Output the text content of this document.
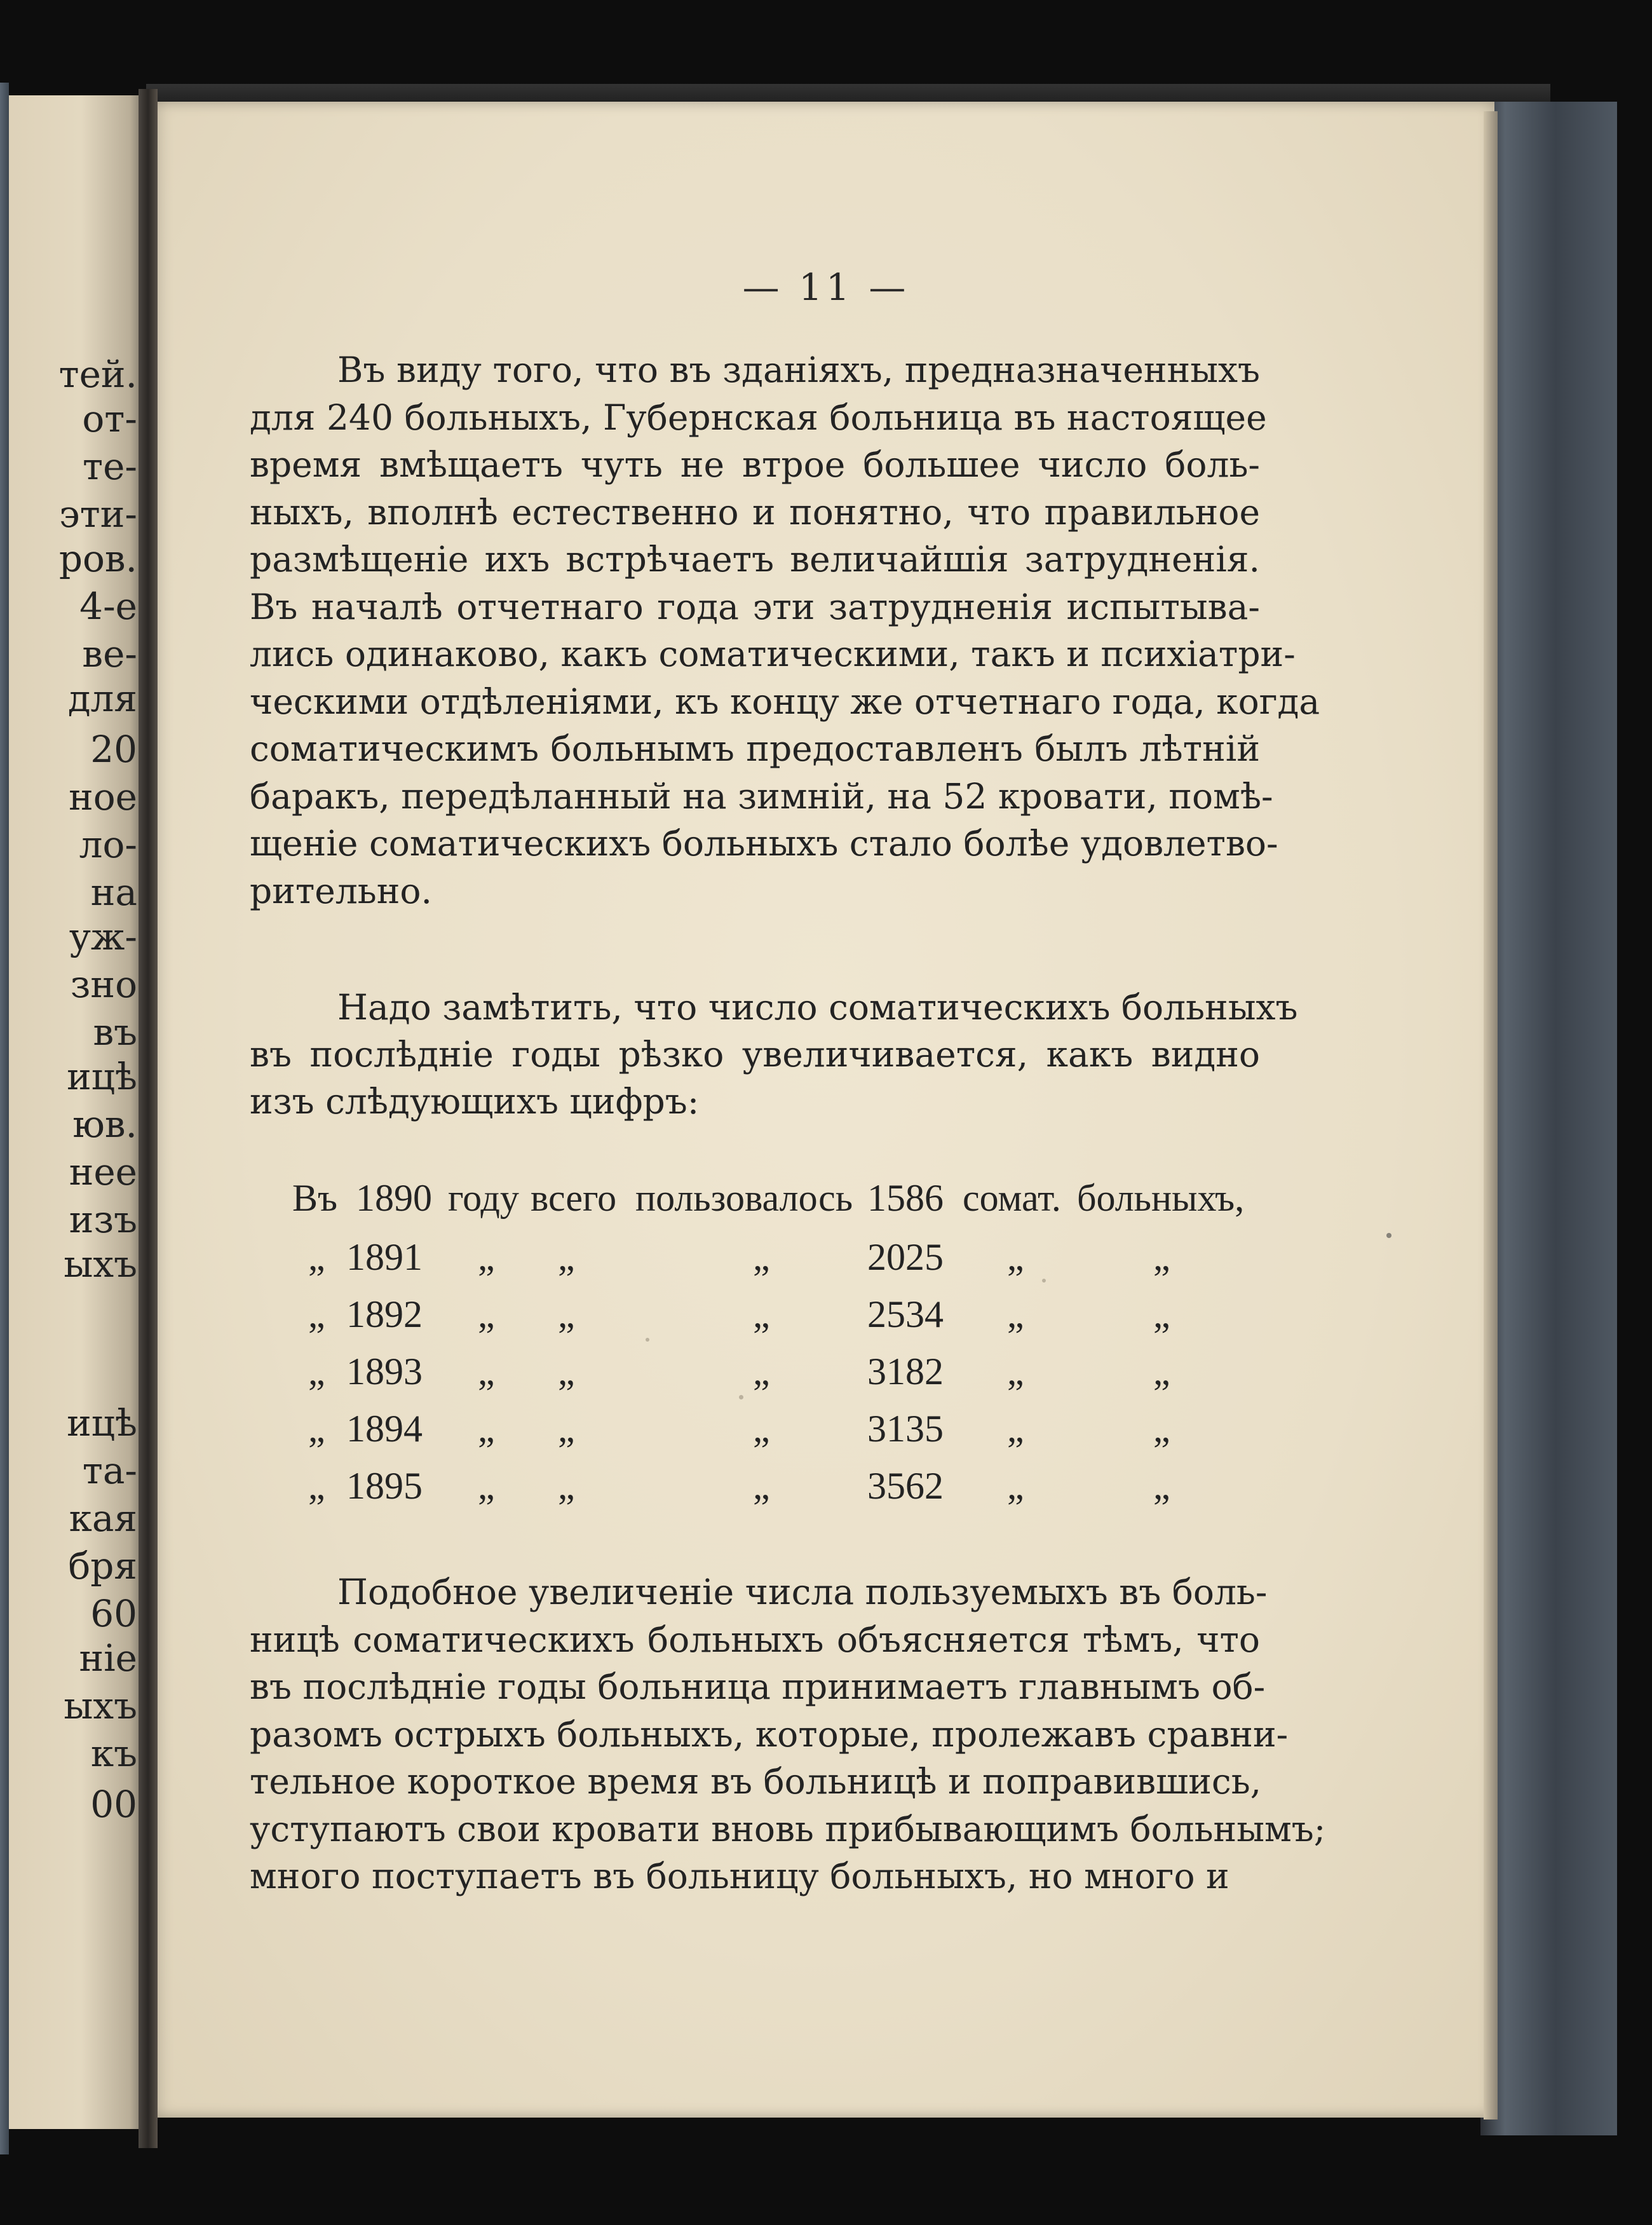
тей.
от-
те-
эти-
ров.
4-е
ве-
для
20
ное
ло-
на
уж-
зно
въ
ицѣ
юв.
нее
изъ
ыхъ
ицѣ
та-
кая
бря
60
ніе
ыхъ
къ
00
— 11 —
Въ виду того, что въ зданіяхъ, предназначенныхъ
для 240 больныхъ, Губернская больница въ настоящее
время вмѣщаетъ чуть не втрое большее число боль-
ныхъ, вполнѣ естественно и понятно, что правильное
размѣщеніе ихъ встрѣчаетъ величайшія затрудненія.
Въ началѣ отчетнаго года эти затрудненія испытыва-
лись одинаково, какъ соматическими, такъ и психіатри-
ческими отдѣленіями, къ концу же отчетнаго года, когда
соматическимъ больнымъ предоставленъ былъ лѣтній
баракъ, передѣланный на зимній, на 52 кровати, помѣ-
щеніе соматическихъ больныхъ стало болѣе удовлетво-
рительно.
Надо замѣтить, что число соматическихъ больныхъ
въ послѣдніе годы рѣзко увеличивается, какъ видно
изъ слѣдующихъ цифръ:
Въ 1890 году всего пользовалось 1586 сомат. больныхъ,
„ 1891 „ „	„	2025 „	„
„ 1892 „ „	„	2534 „	„
„ 1893 „ „	„	3182 „	„
„ 1894 „ „	„	3135 „	„
„ 1895 „ „	„	3562 „	„
Подобное увеличеніе числа пользуемыхъ въ боль-
ницѣ соматическихъ больныхъ объясняется тѣмъ, что
въ послѣдніе годы больница принимаетъ главнымъ об-
разомъ острыхъ больныхъ, которые, пролежавъ сравни-
тельное короткое время въ больницѣ и поправившись,
уступаютъ свои кровати вновь прибывающимъ больнымъ;
много поступаетъ въ больницу больныхъ, но много и
